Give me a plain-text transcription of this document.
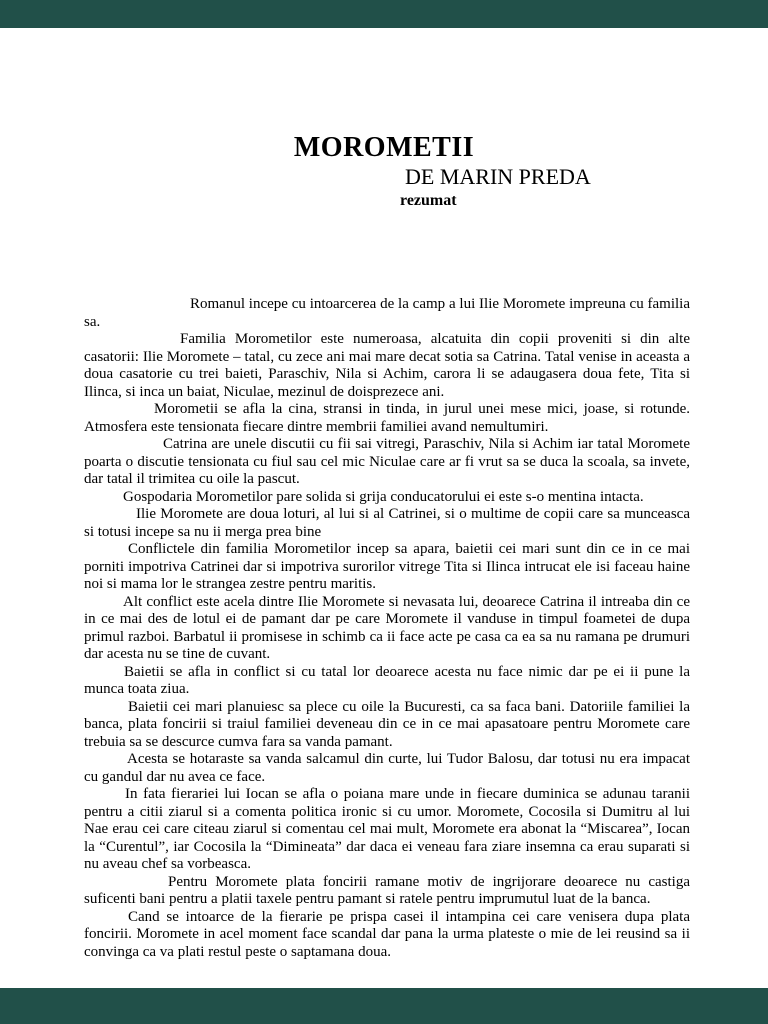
MOROMETII
DE MARIN PREDA
rezumat

Romanul incepe cu intoarcerea de la camp a lui Ilie Moromete impreuna cu familia sa.

Familia Morometilor este numeroasa, alcatuita din copii proveniti si din alte casatorii: Ilie Moromete – tatal, cu zece ani mai mare decat sotia sa Catrina. Tatal venise in aceasta a doua casatorie cu trei baieti, Paraschiv, Nila si Achim, carora li se adaugasera doua fete, Tita si Ilinca, si inca un baiat, Niculae, mezinul de doisprezece ani.

Morometii se afla la cina, stransi in tinda, in jurul unei mese mici, joase, si rotunde. Atmosfera este tensionata fiecare dintre membrii familiei avand nemultumiri.

Catrina are unele discutii cu fii sai vitregi, Paraschiv, Nila si Achim iar tatal Moromete poarta o discutie tensionata cu fiul sau cel mic Niculae care ar fi vrut sa se duca la scoala, sa invete, dar tatal il trimitea cu oile la pascut.

Gospodaria Morometilor pare solida si grija conducatorului ei este s-o mentina intacta.

Ilie Moromete are doua loturi, al lui si al Catrinei, si o multime de copii care sa munceasca si totusi incepe sa nu ii merga prea bine

Conflictele din familia Morometilor incep sa apara, baietii cei mari sunt din ce in ce mai porniti impotriva Catrinei dar si impotriva surorilor vitrege Tita si Ilinca intrucat ele isi faceau haine noi si mama lor le strangea zestre pentru maritis.

Alt conflict este acela dintre Ilie Moromete si nevasata lui, deoarece Catrina il intreaba din ce in ce mai des de lotul ei de pamant dar pe care Moromete il vanduse in timpul foametei de dupa primul razboi. Barbatul ii promisese in schimb ca ii face acte pe casa ca ea sa nu ramana pe drumuri dar acesta nu se tine de cuvant.

Baietii se afla in conflict si cu tatal lor deoarece acesta nu face nimic dar pe ei ii pune la munca toata ziua.

Baietii cei mari planuiesc sa plece cu oile la Bucuresti, ca sa faca bani. Datoriile familiei la banca, plata foncirii si traiul familiei deveneau din ce in ce mai apasatoare pentru Moromete care trebuia sa se descurce cumva fara sa vanda pamant.

Acesta se hotaraste sa vanda salcamul din curte, lui Tudor Balosu, dar totusi nu era impacat cu gandul dar nu avea ce face.

In fata fierariei lui Iocan se afla o poiana mare unde in fiecare duminica se adunau taranii pentru a citii ziarul si a comenta politica ironic si cu umor. Moromete, Cocosila si Dumitru al lui Nae erau cei care citeau ziarul si comentau cel mai mult, Moromete era abonat la “Miscarea”, Iocan la “Curentul”, iar Cocosila la “Dimineata” dar daca ei veneau fara ziare insemna ca erau suparati si nu aveau chef sa vorbeasca.

Pentru Moromete plata foncirii ramane motiv de ingrijorare deoarece nu castiga suficenti bani pentru a platii taxele pentru pamant si ratele pentru imprumutul luat de la banca.

Cand se intoarce de la fierarie pe prispa casei il intampina cei care venisera dupa plata foncirii. Moromete in acel moment face scandal dar pana la urma plateste o mie de lei reusind sa ii convinga ca va plati restul peste o saptamana doua.
